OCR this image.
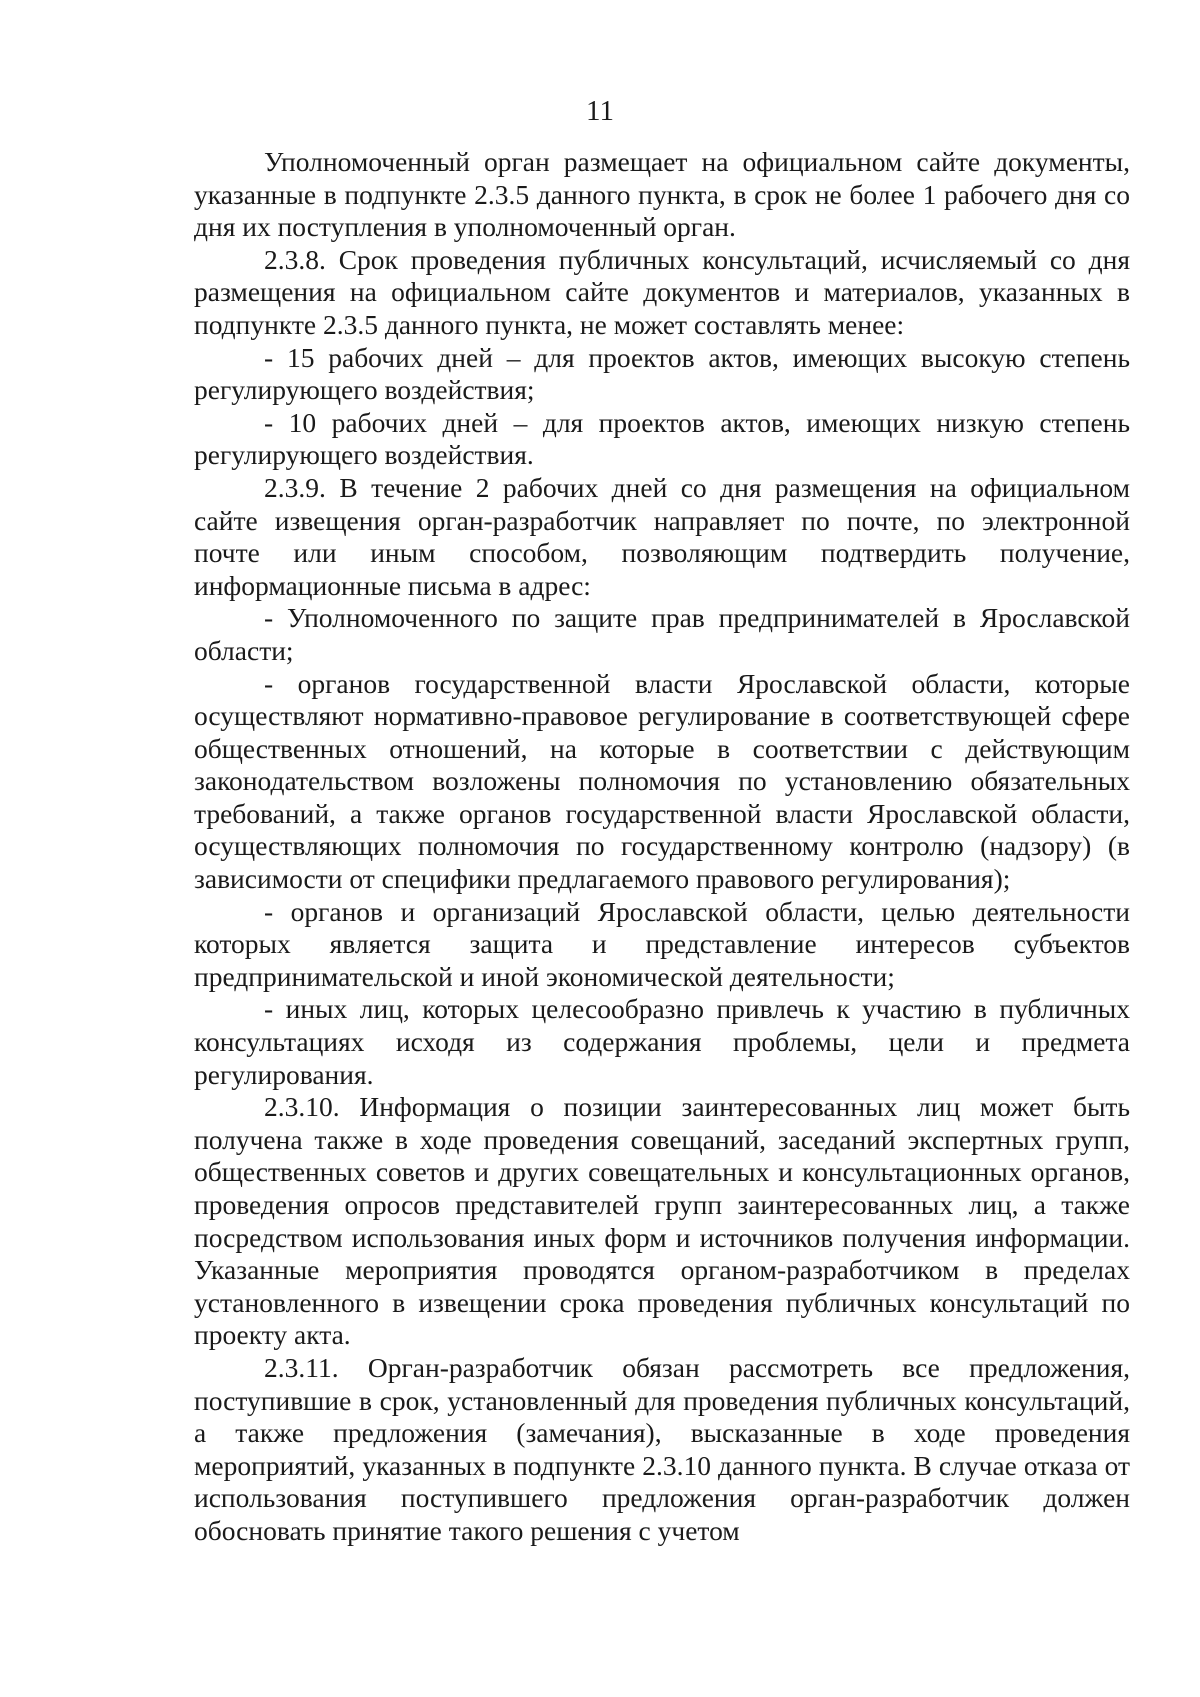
11

Уполномоченный орган размещает на официальном сайте документы, указанные в подпункте 2.3.5 данного пункта, в срок не более 1 рабочего дня со дня их поступления в уполномоченный орган.

2.3.8. Срок проведения публичных консультаций, исчисляемый со дня размещения на официальном сайте документов и материалов, указанных в подпункте 2.3.5 данного пункта, не может составлять менее:

- 15 рабочих дней – для проектов актов, имеющих высокую степень регулирующего воздействия;

- 10 рабочих дней – для проектов актов, имеющих низкую степень регулирующего воздействия.

2.3.9. В течение 2 рабочих дней со дня размещения на официальном сайте извещения орган-разработчик направляет по почте, по электронной почте или иным способом, позволяющим подтвердить получение, информационные письма в адрес:

- Уполномоченного по защите прав предпринимателей в Ярославской области;

- органов государственной власти Ярославской области, которые осуществляют нормативно-правовое регулирование в соответствующей сфере общественных отношений, на которые в соответствии с действующим законодательством возложены полномочия по установлению обязательных требований, а также органов государственной власти Ярославской области, осуществляющих полномочия по государственному контролю (надзору) (в зависимости от специфики предлагаемого правового регулирования);

- органов и организаций Ярославской области, целью деятельности которых является защита и представление интересов субъектов предпринимательской и иной экономической деятельности;

- иных лиц, которых целесообразно привлечь к участию в публичных консультациях исходя из содержания проблемы, цели и предмета регулирования.

2.3.10. Информация о позиции заинтересованных лиц может быть получена также в ходе проведения совещаний, заседаний экспертных групп, общественных советов и других совещательных и консультационных органов, проведения опросов представителей групп заинтересованных лиц, а также посредством использования иных форм и источников получения информации. Указанные мероприятия проводятся органом-разработчиком в пределах установленного в извещении срока проведения публичных консультаций по проекту акта.

2.3.11. Орган-разработчик обязан рассмотреть все предложения, поступившие в срок, установленный для проведения публичных консультаций, а также предложения (замечания), высказанные в ходе проведения мероприятий, указанных в подпункте 2.3.10 данного пункта. В случае отказа от использования поступившего предложения орган-разработчик должен обосновать принятие такого решения с учетом
